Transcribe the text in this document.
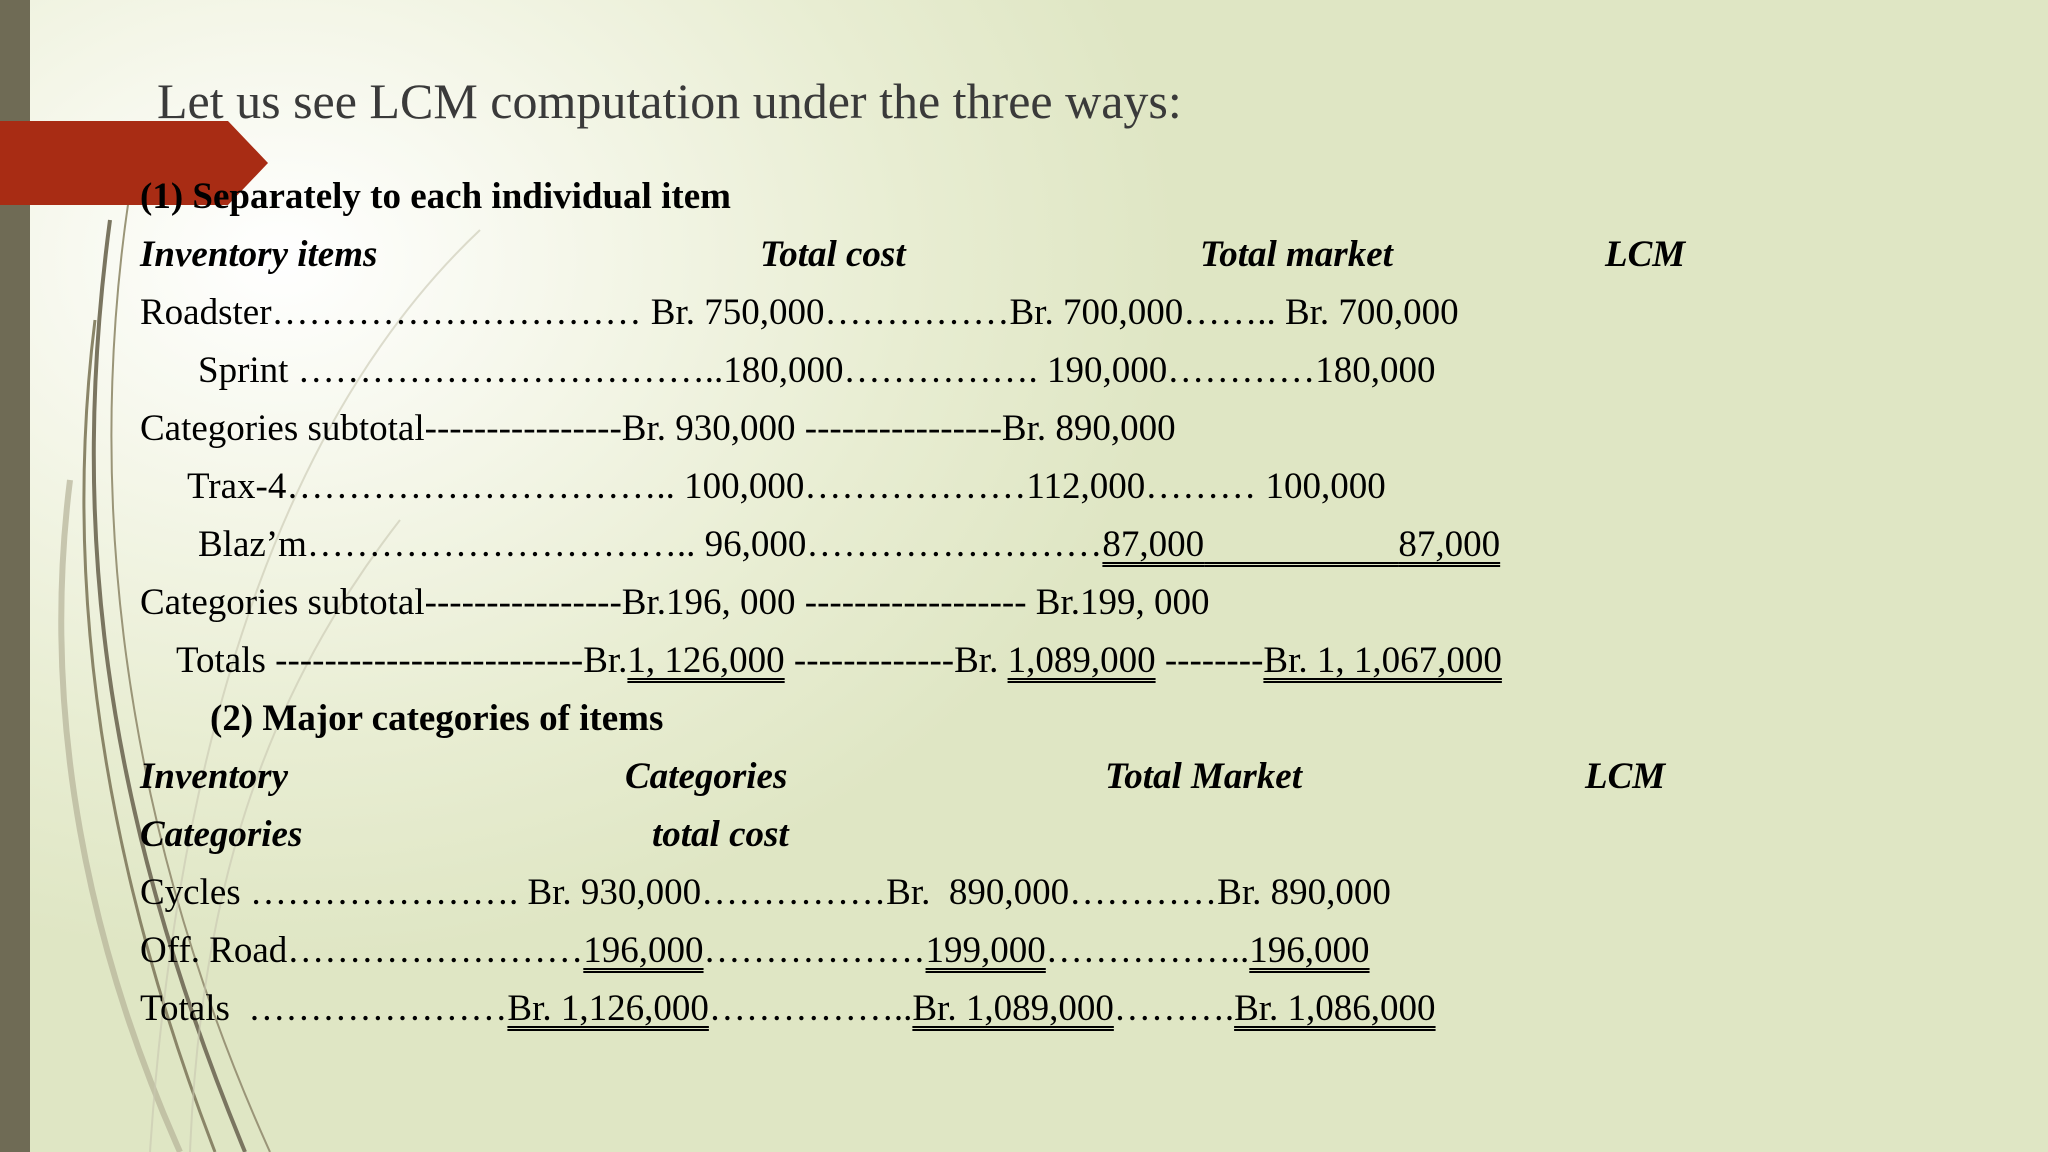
Let us see LCM computation under the three ways:
(1) Separately to each individual item
Inventory items	Total cost	Total market	LCM
Roadster………………………… Br. 750,000……………Br. 700,000…….. Br. 700,000
Sprint ……………………………..180,000……………. 190,000…………180,000
Categories subtotal----------------Br. 930,000 ----------------Br. 890,000
Trax-4………………………….. 100,000………………112,000……… 100,000
Blaz’m………………………….. 96,000……………………87,000	87,000
Categories subtotal----------------Br.196, 000 ------------------ Br.199, 000
Totals -------------------------Br.1, 126,000 -------------Br. 1,089,000 --------Br. 1, 1,067,000
(2) Major categories of items
Inventory	Categories	Total Market	LCM
Categories	total cost
Cycles …………………. Br. 930,000……………Br.  890,000…………Br. 890,000
Off. Road……………………196,000………………199,000……………..196,000
Totals …………………Br. 1,126,000……………..Br. 1,089,000……….Br. 1,086,000
